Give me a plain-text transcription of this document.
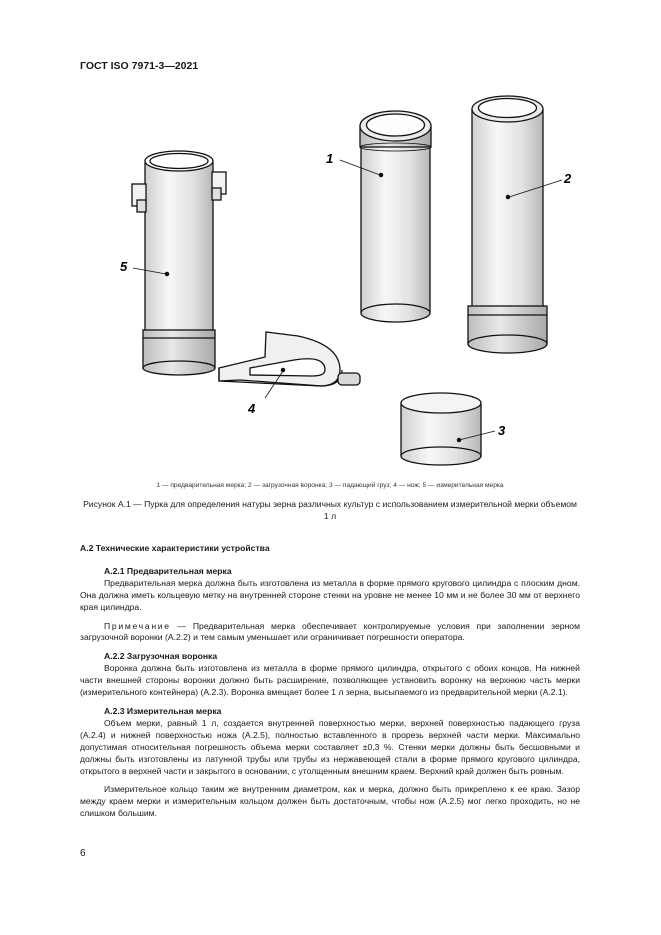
ГОСТ ISO 7971-3—2021
1
2
3
4
5
1 — предварительная мерка; 2 — загрузочная воронка; 3 — падающий груз; 4 — нож; 5 — измерительная мерка
Рисунок А.1 — Пурка для определения натуры зерна различных культур с использованием измерительной мерки объемом 1 л
А.2 Технические характеристики устройства
А.2.1 Предварительная мерка

Предварительная мерка должна быть изготовлена из металла в форме прямого кругового цилиндра с плоским дном. Она должна иметь кольцевую метку на внутренней стороне стенки на уровне не менее 10 мм и не более 30 мм от верхнего края цилиндра.

Примечание — Предварительная мерка обеспечивает контролируемые условия при заполнении зерном загрузочной воронки (А.2.2) и тем самым уменьшает или ограничивает погрешности оператора.

А.2.2 Загрузочная воронка

Воронка должна быть изготовлена из металла в форме прямого цилиндра, открытого с обоих концов. На нижней части внешней стороны воронки должно быть расширение, позволяющее установить воронку на верхнюю часть мерки (измерительного контейнера) (А.2.3). Воронка вмещает более 1 л зерна, высыпаемого из предварительной мерки (А.2.1).

А.2.3 Измерительная мерка

Объем мерки, равный 1 л, создается внутренней поверхностью мерки, верхней поверхностью падающего груза (А.2.4) и нижней поверхностью ножа (А.2.5), полностью вставленного в прорезь верхней части мерки. Максимально допустимая относительная погрешность объема мерки составляет ±0,3 %. Стенки мерки должны быть бесшовными и должны быть изготовлены из латунной трубы или трубы из нержавеющей стали в форме прямого кругового цилиндра, открытого в верхней части и закрытого в основании, с утолщенным внешним краем. Верхний край должен быть ровным.

Измерительное кольцо таким же внутренним диаметром, как и мерка, должно быть прикреплено к ее краю. Зазор между краем мерки и измерительным кольцом должен быть достаточным, чтобы нож (А.2.5) мог легко проходить, но не слишком большим.

6
